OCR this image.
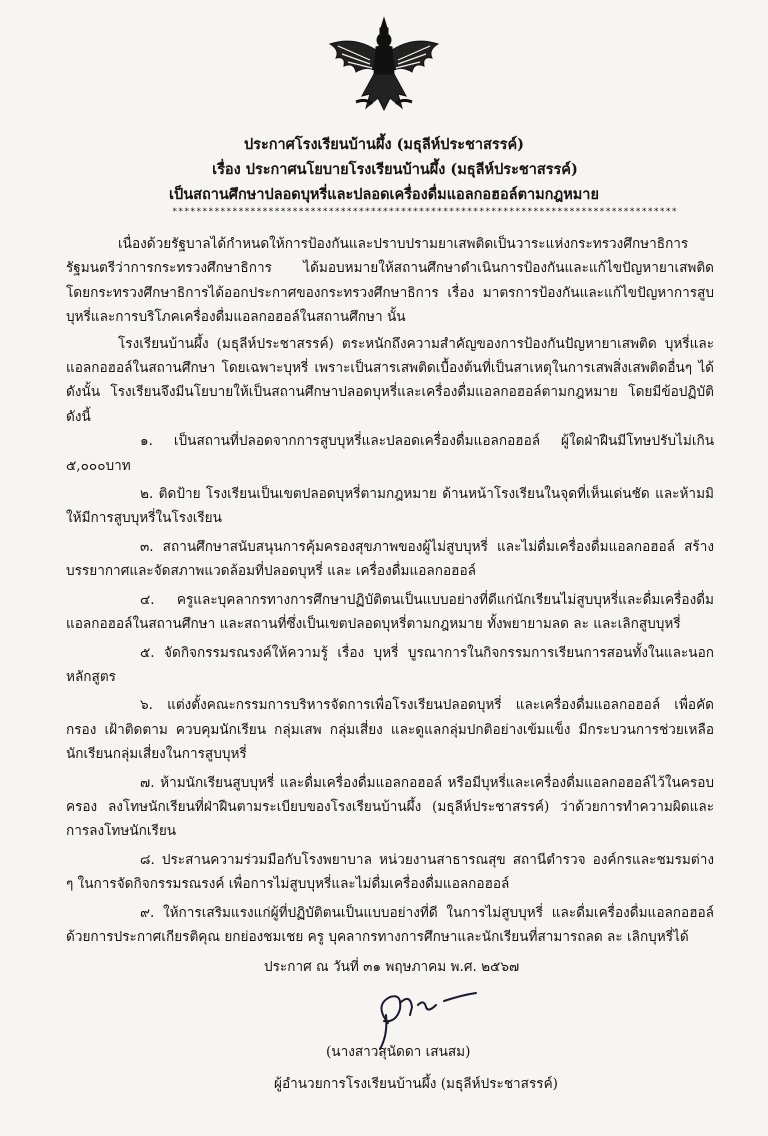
ประกาศโรงเรียนบ้านผึ้ง (มธุลีห์ประชาสรรค์)
เรื่อง ประกาศนโยบายโรงเรียนบ้านผึ้ง (มธุลีห์ประชาสรรค์)
เป็นสถานศึกษาปลอดบุหรี่และปลอดเครื่องดื่มแอลกอฮอล์ตามกฎหมาย
************************************************************************************

เนื่องด้วยรัฐบาลได้กำหนดให้การป้องกันและปราบปรามยาเสพติดเป็นวาระแห่งกระทรวงศึกษาธิการ รัฐมนตรีว่าการกระทรวงศึกษาธิการ ได้มอบหมายให้สถานศึกษาดำเนินการป้องกันและแก้ไขปัญหายาเสพติด โดยกระทรวงศึกษาธิการได้ออกประกาศของกระทรวงศึกษาธิการ เรื่อง มาตรการป้องกันและแก้ไขปัญหาการสูบบุหรี่และการบริโภคเครื่องดื่มแอลกอฮอล์ในสถานศึกษา นั้น

โรงเรียนบ้านผึ้ง (มธุลีห์ประชาสรรค์) ตระหนักถึงความสำคัญของการป้องกันปัญหายาเสพติด บุหรี่และแอลกอฮอล์ในสถานศึกษา โดยเฉพาะบุหรี่ เพราะเป็นสารเสพติดเบื้องต้นที่เป็นสาเหตุในการเสพสิ่งเสพติดอื่นๆ ได้ ดังนั้น โรงเรียนจึงมีนโยบายให้เป็นสถานศึกษาปลอดบุหรี่และเครื่องดื่มแอลกอฮอล์ตามกฎหมาย โดยมีข้อปฏิบัติ ดังนี้

๑. เป็นสถานที่ปลอดจากการสูบบุหรี่และปลอดเครื่องดื่มแอลกอฮอล์ ผู้ใดฝ่าฝืนมีโทษปรับไม่เกิน ๕,๐๐๐บาท

๒. ติดป้าย โรงเรียนเป็นเขตปลอดบุหรี่ตามกฎหมาย ด้านหน้าโรงเรียนในจุดที่เห็นเด่นชัด และห้ามมิให้มีการสูบบุหรี่ในโรงเรียน

๓. สถานศึกษาสนับสนุนการคุ้มครองสุขภาพของผู้ไม่สูบบุหรี่ และไม่ดื่มเครื่องดื่มแอลกอฮอล์ สร้างบรรยากาศและจัดสภาพแวดล้อมที่ปลอดบุหรี่ และ เครื่องดื่มแอลกอฮอล์

๔. ครูและบุคลากรทางการศึกษาปฏิบัติตนเป็นแบบอย่างที่ดีแก่นักเรียนไม่สูบบุหรี่และดื่มเครื่องดื่มแอลกอฮอล์ในสถานศึกษา และสถานที่ซึ่งเป็นเขตปลอดบุหรี่ตามกฎหมาย ทั้งพยายามลด ละ และเลิกสูบบุหรี่

๕. จัดกิจกรรมรณรงค์ให้ความรู้ เรื่อง บุหรี่ บูรณาการในกิจกรรมการเรียนการสอนทั้งในและนอกหลักสูตร

๖. แต่งตั้งคณะกรรมการบริหารจัดการเพื่อโรงเรียนปลอดบุหรี่ และเครื่องดื่มแอลกอฮอล์ เพื่อคัดกรอง เฝ้าติดตาม ควบคุมนักเรียน กลุ่มเสพ กลุ่มเสี่ยง และดูแลกลุ่มปกติอย่างเข้มแข็ง มีกระบวนการช่วยเหลือนักเรียนกลุ่มเสี่ยงในการสูบบุหรี่

๗. ห้ามนักเรียนสูบบุหรี่ และดื่มเครื่องดื่มแอลกอฮอล์ หรือมีบุหรี่และเครื่องดื่มแอลกอฮอล์ไว้ในครอบครอง ลงโทษนักเรียนที่ฝ่าฝืนตามระเบียบของโรงเรียนบ้านผึ้ง (มธุลีห์ประชาสรรค์) ว่าด้วยการทำความผิดและการลงโทษนักเรียน

๘. ประสานความร่วมมือกับโรงพยาบาล หน่วยงานสาธารณสุข สถานีตำรวจ องค์กรและชมรมต่าง ๆ ในการจัดกิจกรรมรณรงค์ เพื่อการไม่สูบบุหรี่และไม่ดื่มเครื่องดื่มแอลกอฮอล์

๙. ให้การเสริมแรงแก่ผู้ที่ปฏิบัติตนเป็นแบบอย่างที่ดี ในการไม่สูบบุหรี่ และดื่มเครื่องดื่มแอลกอฮอล์ ด้วยการประกาศเกียรติคุณ ยกย่องชมเชย ครู บุคลากรทางการศึกษาและนักเรียนที่สามารถลด ละ เลิกบุหรี่ได้

ประกาศ ณ วันที่ ๓๑ พฤษภาคม พ.ศ. ๒๕๖๗
(นางสาวสุนัดดา เสนสม)
ผู้อำนวยการโรงเรียนบ้านผึ้ง (มธุลีห์ประชาสรรค์)
